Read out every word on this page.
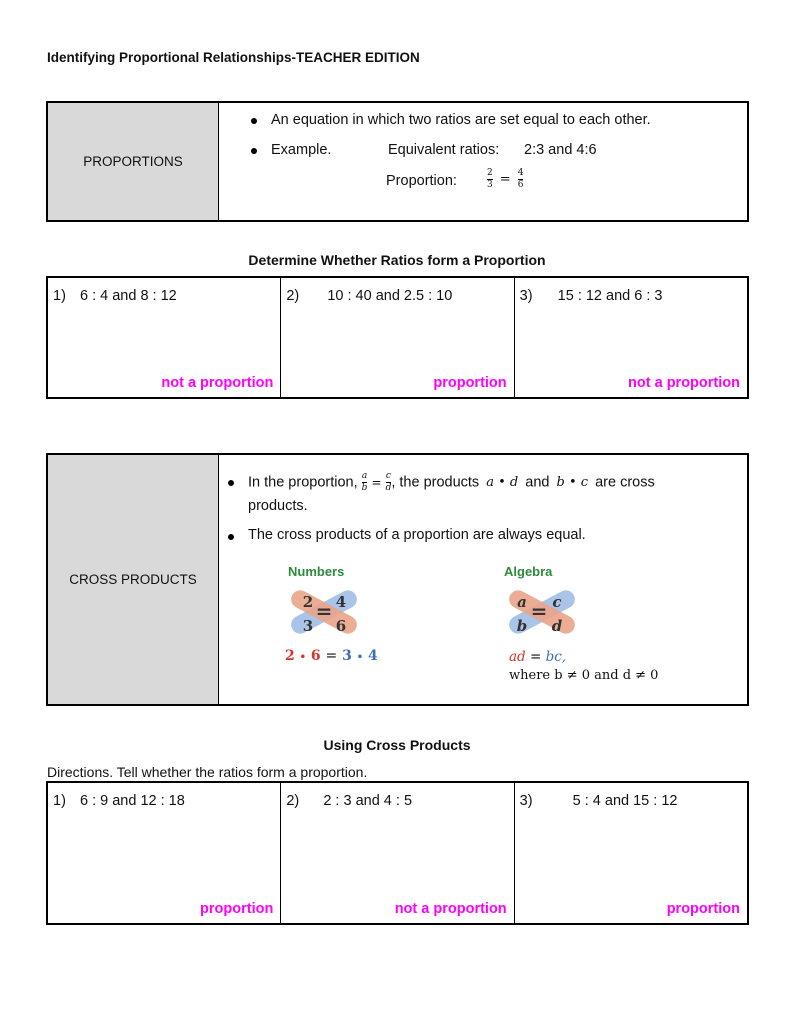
Identifying Proportional Relationships-TEACHER EDITION
PROPORTIONS
An equation in which two ratios are set equal to each other.
Example.	Equivalent ratios: 2:3 and 4:6
Proportion:	$\frac{2}{3} = \frac{4}{6}$
Determine Whether Ratios form a Proportion
1) 6 : 4 and 8 : 12
not a proportion
2) 10 : 40 and 2.5 : 10
proportion
3) 15 : 12 and 6 : 3
not a proportion
CROSS PRODUCTS
In the proportion, $\frac{a}{b} = \frac{c}{d}$ , the products a • d and b • c are cross
products.
The cross products of a proportion are always equal.
Numbers
=
2 4
3 6
2 • 6 = 3 • 4
Algebra
=
a c
b d
ad = bc,
where b ≠ 0 and d ≠ 0
Using Cross Products
Directions. Tell whether the ratios form a proportion.
1) 6 : 9 and 12 : 18
proportion
2) 2 : 3 and 4 : 5
not a proportion
3)	5 : 4 and 15 : 12
proportion
